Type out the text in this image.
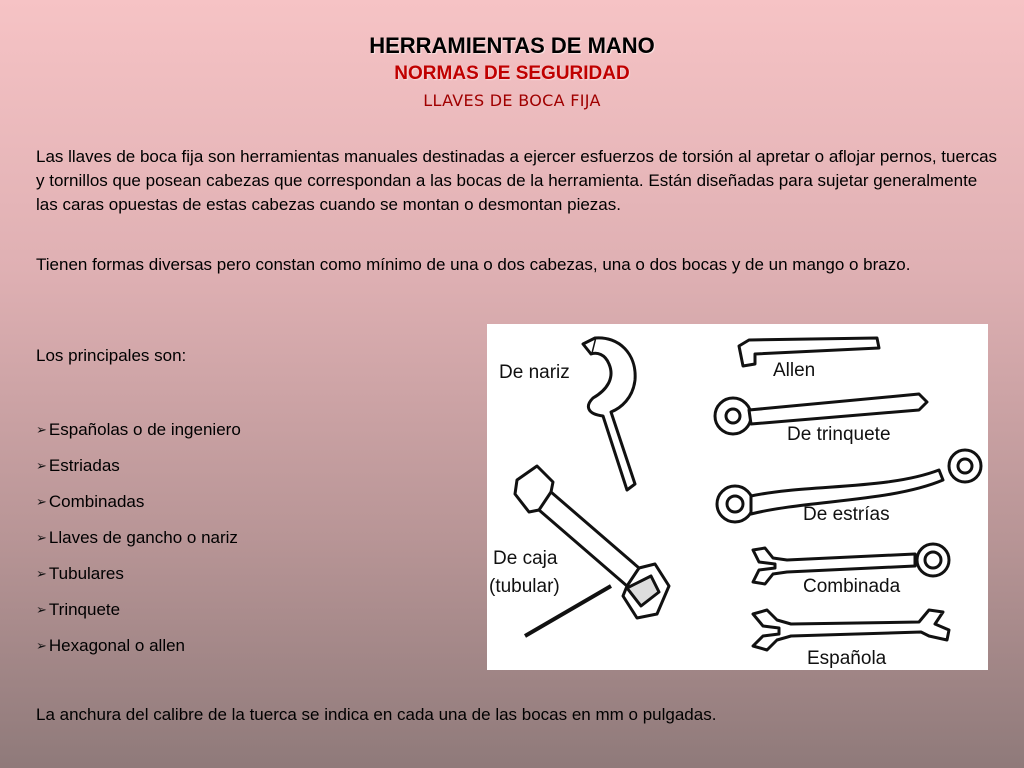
HERRAMIENTAS DE MANO
NORMAS DE SEGURIDAD
LLAVES DE BOCA FIJA

Las llaves de boca fija son herramientas manuales destinadas a ejercer esfuerzos de torsión al apretar o aflojar pernos, tuercas y tornillos que posean cabezas que correspondan a las bocas de la herramienta. Están diseñadas para sujetar generalmente las caras opuestas de estas cabezas cuando se montan o desmontan piezas.

Tienen formas diversas pero constan como mínimo de una o dos cabezas, una o dos bocas y de un mango o brazo.

Los principales son:

➢ Españolas o de ingeniero
➢ Estriadas
➢ Combinadas
➢ Llaves de gancho o nariz
➢ Tubulares
➢ Trinquete
➢ Hexagonal o allen

La anchura del calibre de la tuerca se indica en cada una de las bocas en mm o pulgadas.

De nariz
De caja
(tubular)
Allen
De trinquete
De estrías
Combinada
Española
